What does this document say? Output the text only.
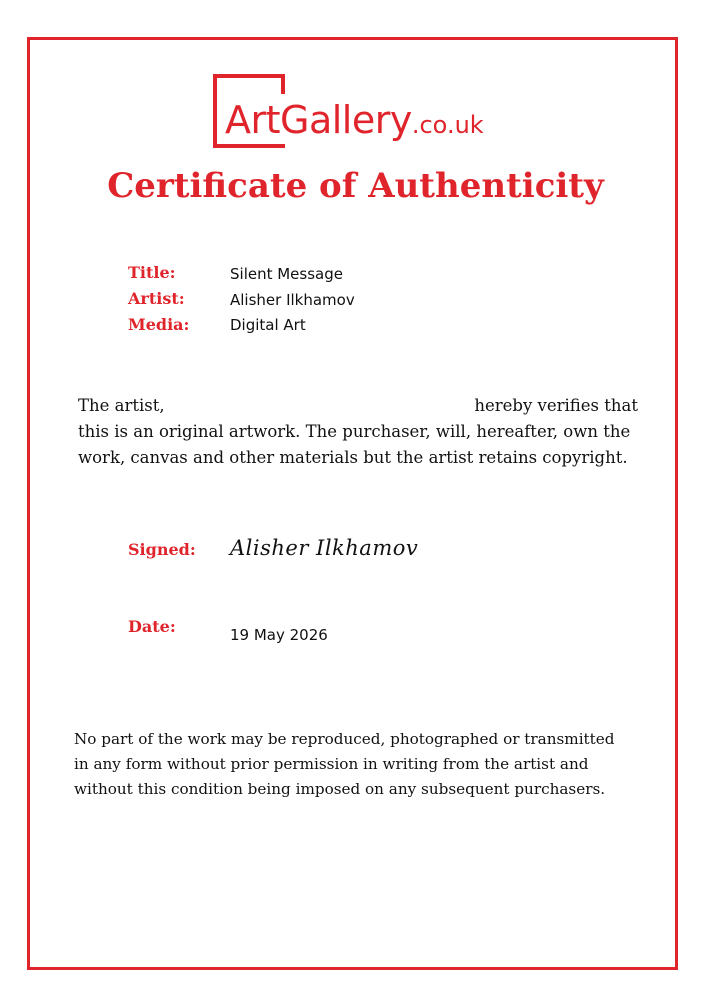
ArtGallery.co.uk
Certificate of Authenticity
Title:	Silent Message
Artist:	Alisher Ilkhamov
Media:	Digital Art
The artist,	hereby verifies that
this is an original artwork. The purchaser, will, hereafter, own the
work, canvas and other materials but the artist retains copyright.
Signed: Alisher Ilkhamov
Date:	19 May 2026
No part of the work may be reproduced, photographed or transmitted
in any form without prior permission in writing from the artist and
without this condition being imposed on any subsequent purchasers.
